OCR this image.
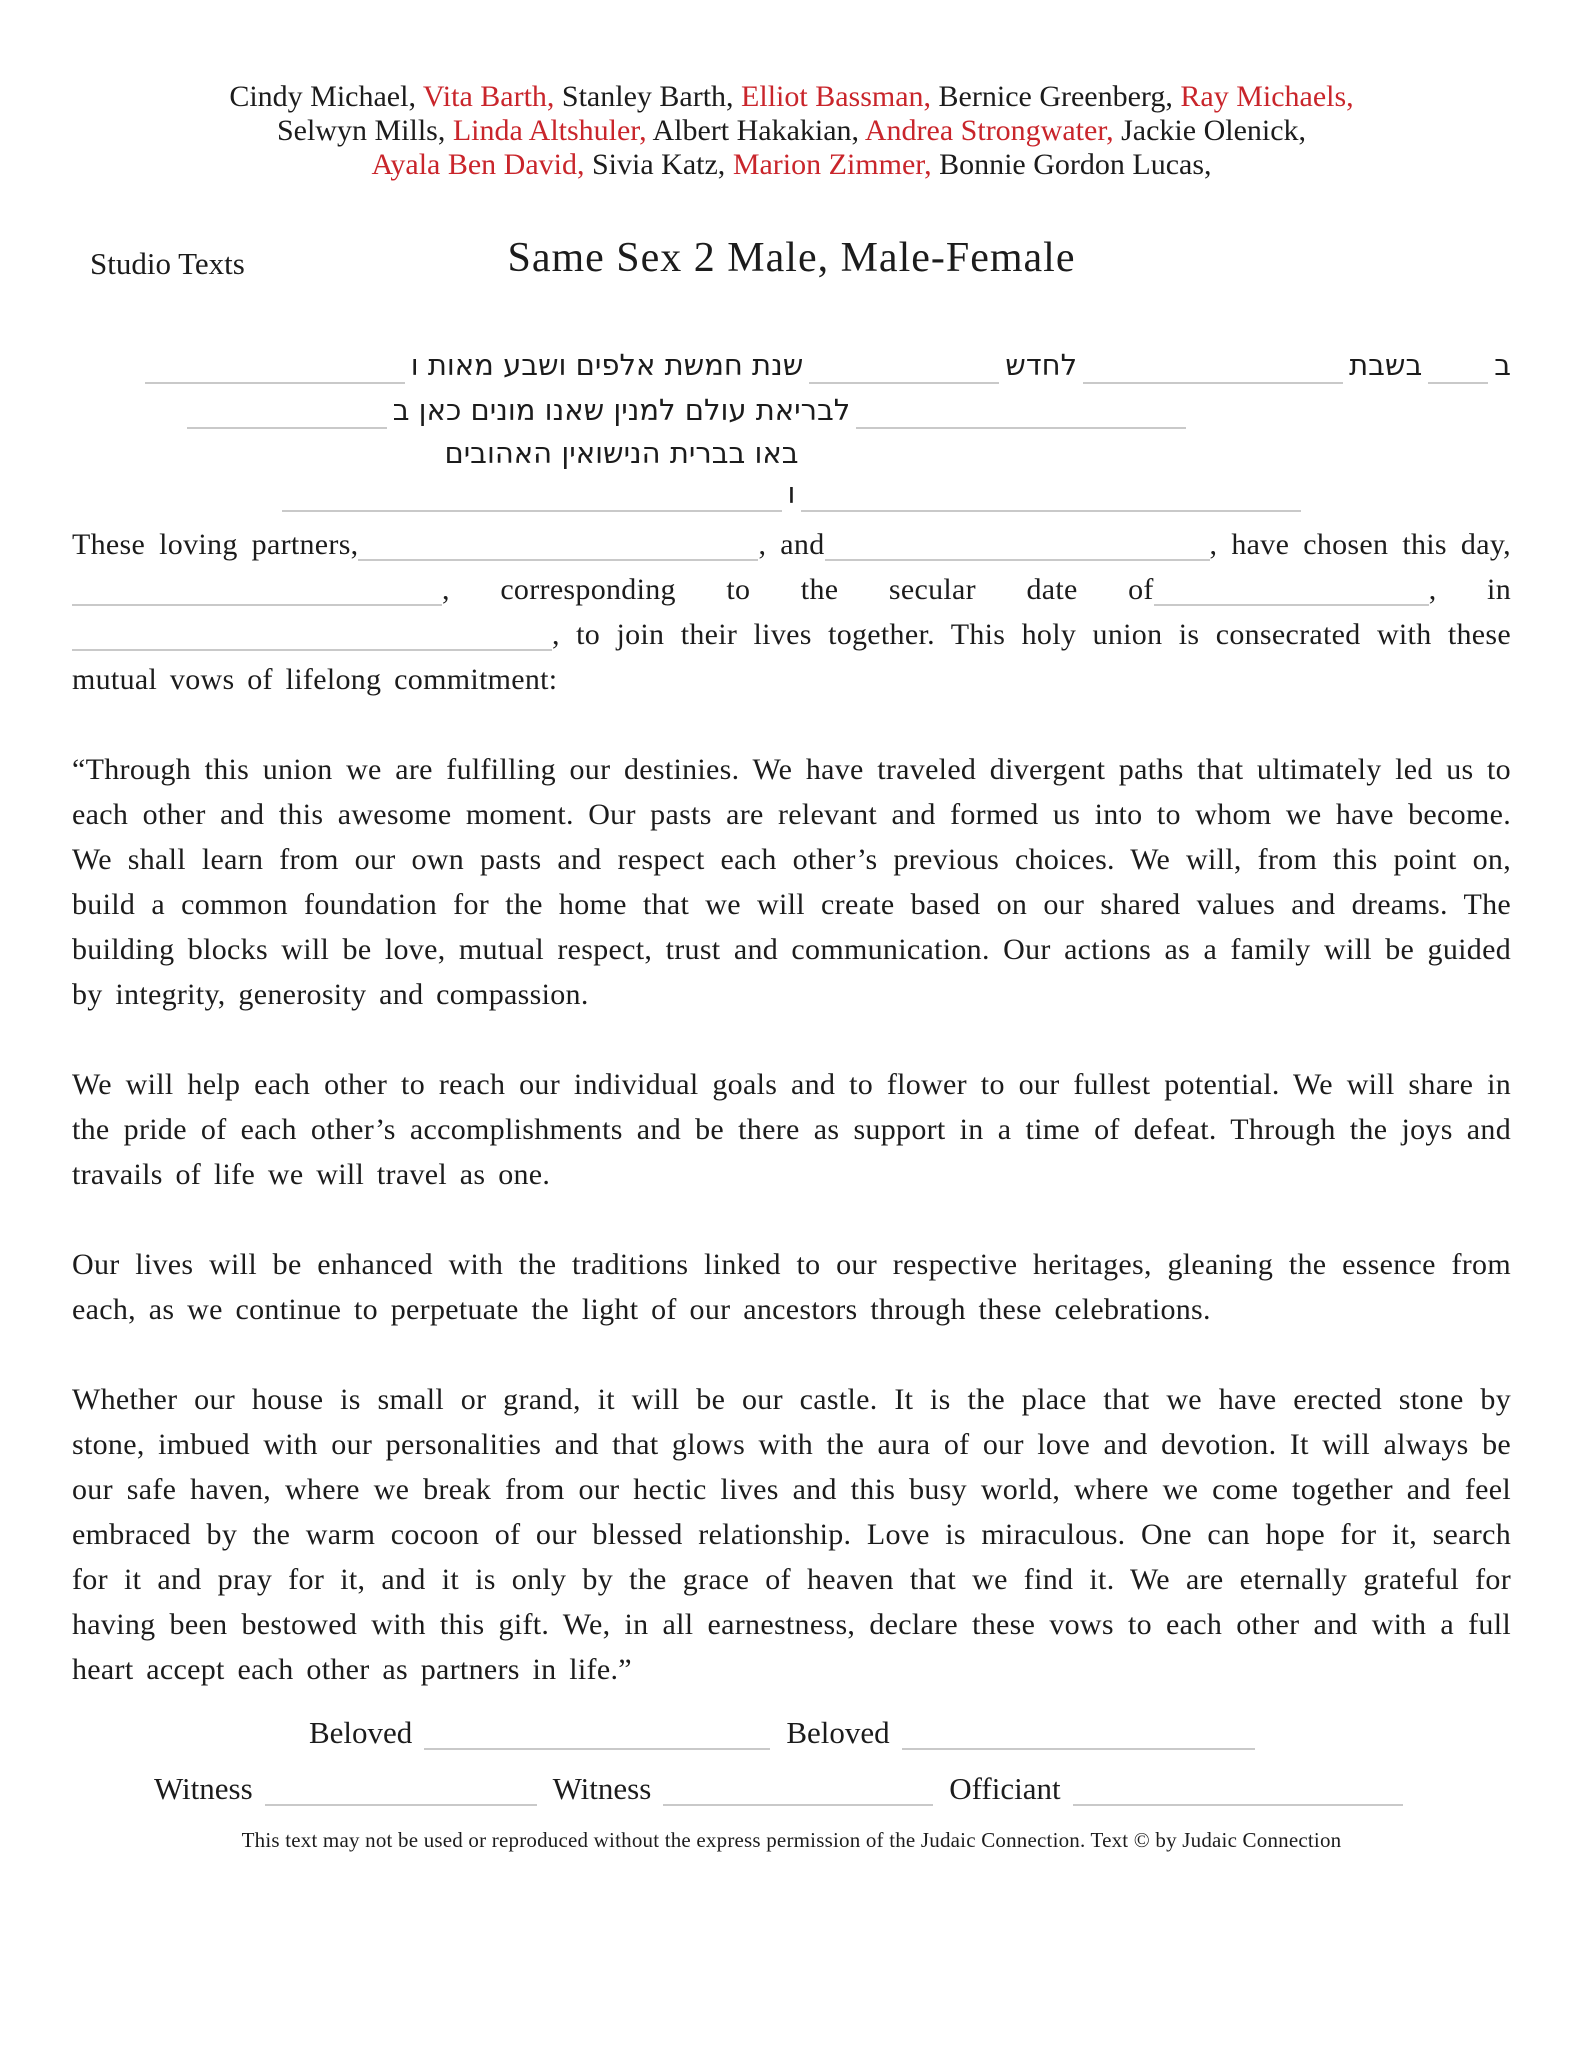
Cindy Michael, Vita Barth, Stanley Barth, Elliot Bassman, Bernice Greenberg, Ray Michaels,
Selwyn Mills, Linda Altshuler, Albert Hakakian, Andrea Strongwater, Jackie Olenick,
Ayala Ben David, Sivia Katz, Marion Zimmer, Bonnie Gordon Lucas,
Studio Texts	Same Sex 2 Male, Male-Female
בבשבתלחדששנת חמשת אלפים ושבע מאות ו
לבריאת עולם למנין שאנו מונים כאן ב
באו בברית הנישואין האהובים
ו

These loving partners,	, and	, have chosen this day,, corresponding to the secular date of	, in, to join their lives together. This holy union is consecrated with these mutual vows of lifelong commitment:

“Through this union we are fulfilling our destinies. We have traveled divergent paths that ultimately led us to each other and this awesome moment. Our pasts are relevant and formed us into to whom we have become. We shall learn from our own pasts and respect each other’s previous choices. We will, from this point on, build a common foundation for the home that we will create based on our shared values and dreams. The building blocks will be love, mutual respect, trust and communication. Our actions as a family will be guided by integrity, generosity and compassion.

We will help each other to reach our individual goals and to flower to our fullest potential. We will share in the pride of each other’s accomplishments and be there as support in a time of defeat. Through the joys and travails of life we will travel as one.

Our lives will be enhanced with the traditions linked to our respective heritages, gleaning the essence from each, as we continue to perpetuate the light of our ancestors through these celebrations.

Whether our house is small or grand, it will be our castle. It is the place that we have erected stone by stone, imbued with our personalities and that glows with the aura of our love and devotion. It will always be our safe haven, where we break from our hectic lives and this busy world, where we come together and feel embraced by the warm cocoon of our blessed relationship. Love is miraculous. One can hope for it, search for it and pray for it, and it is only by the grace of heaven that we find it. We are eternally grateful for having been bestowed with this gift. We, in all earnestness, declare these vows to each other and with a full heart accept each other as partners in life.”

Beloved	Beloved
Witness	Witness	Officiant
This text may not be used or reproduced without the express permission of the Judaic Connection. Text © by Judaic Connection
